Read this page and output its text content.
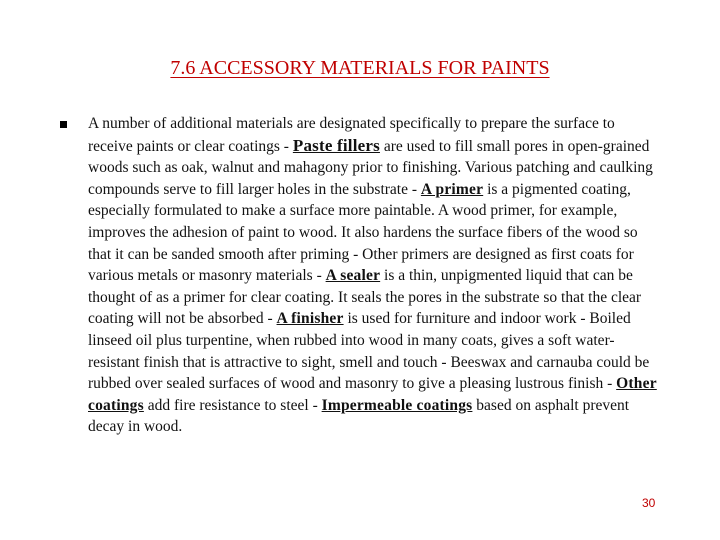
7.6 ACCESSORY MATERIALS FOR PAINTS

A number of additional materials are designated specifically to prepare the surface to receive paints or clear coatings - Paste fillers are used to fill small pores in open-grained woods such as oak, walnut and mahagony prior to finishing. Various patching and caulking compounds serve to fill larger holes in the substrate - A primer is a pigmented coating, especially formulated to make a surface more paintable. A wood primer, for example, improves the adhesion of paint to wood. It also hardens the surface fibers of the wood so that it can be sanded smooth after priming - Other primers are designed as first coats for various metals or masonry materials - A sealer is a thin, unpigmented liquid that can be thought of as a primer for clear coating. It seals the pores in the substrate so that the clear coating will not be absorbed - A finisher is used for furniture and indoor work - Boiled linseed oil plus turpentine, when rubbed into wood in many coats, gives a soft water-resistant finish that is attractive to sight, smell and touch - Beeswax and carnauba could be rubbed over sealed surfaces of wood and masonry to give a pleasing lustrous finish - Other coatings add fire resistance to steel - Impermeable coatings based on asphalt prevent decay in wood.

30
